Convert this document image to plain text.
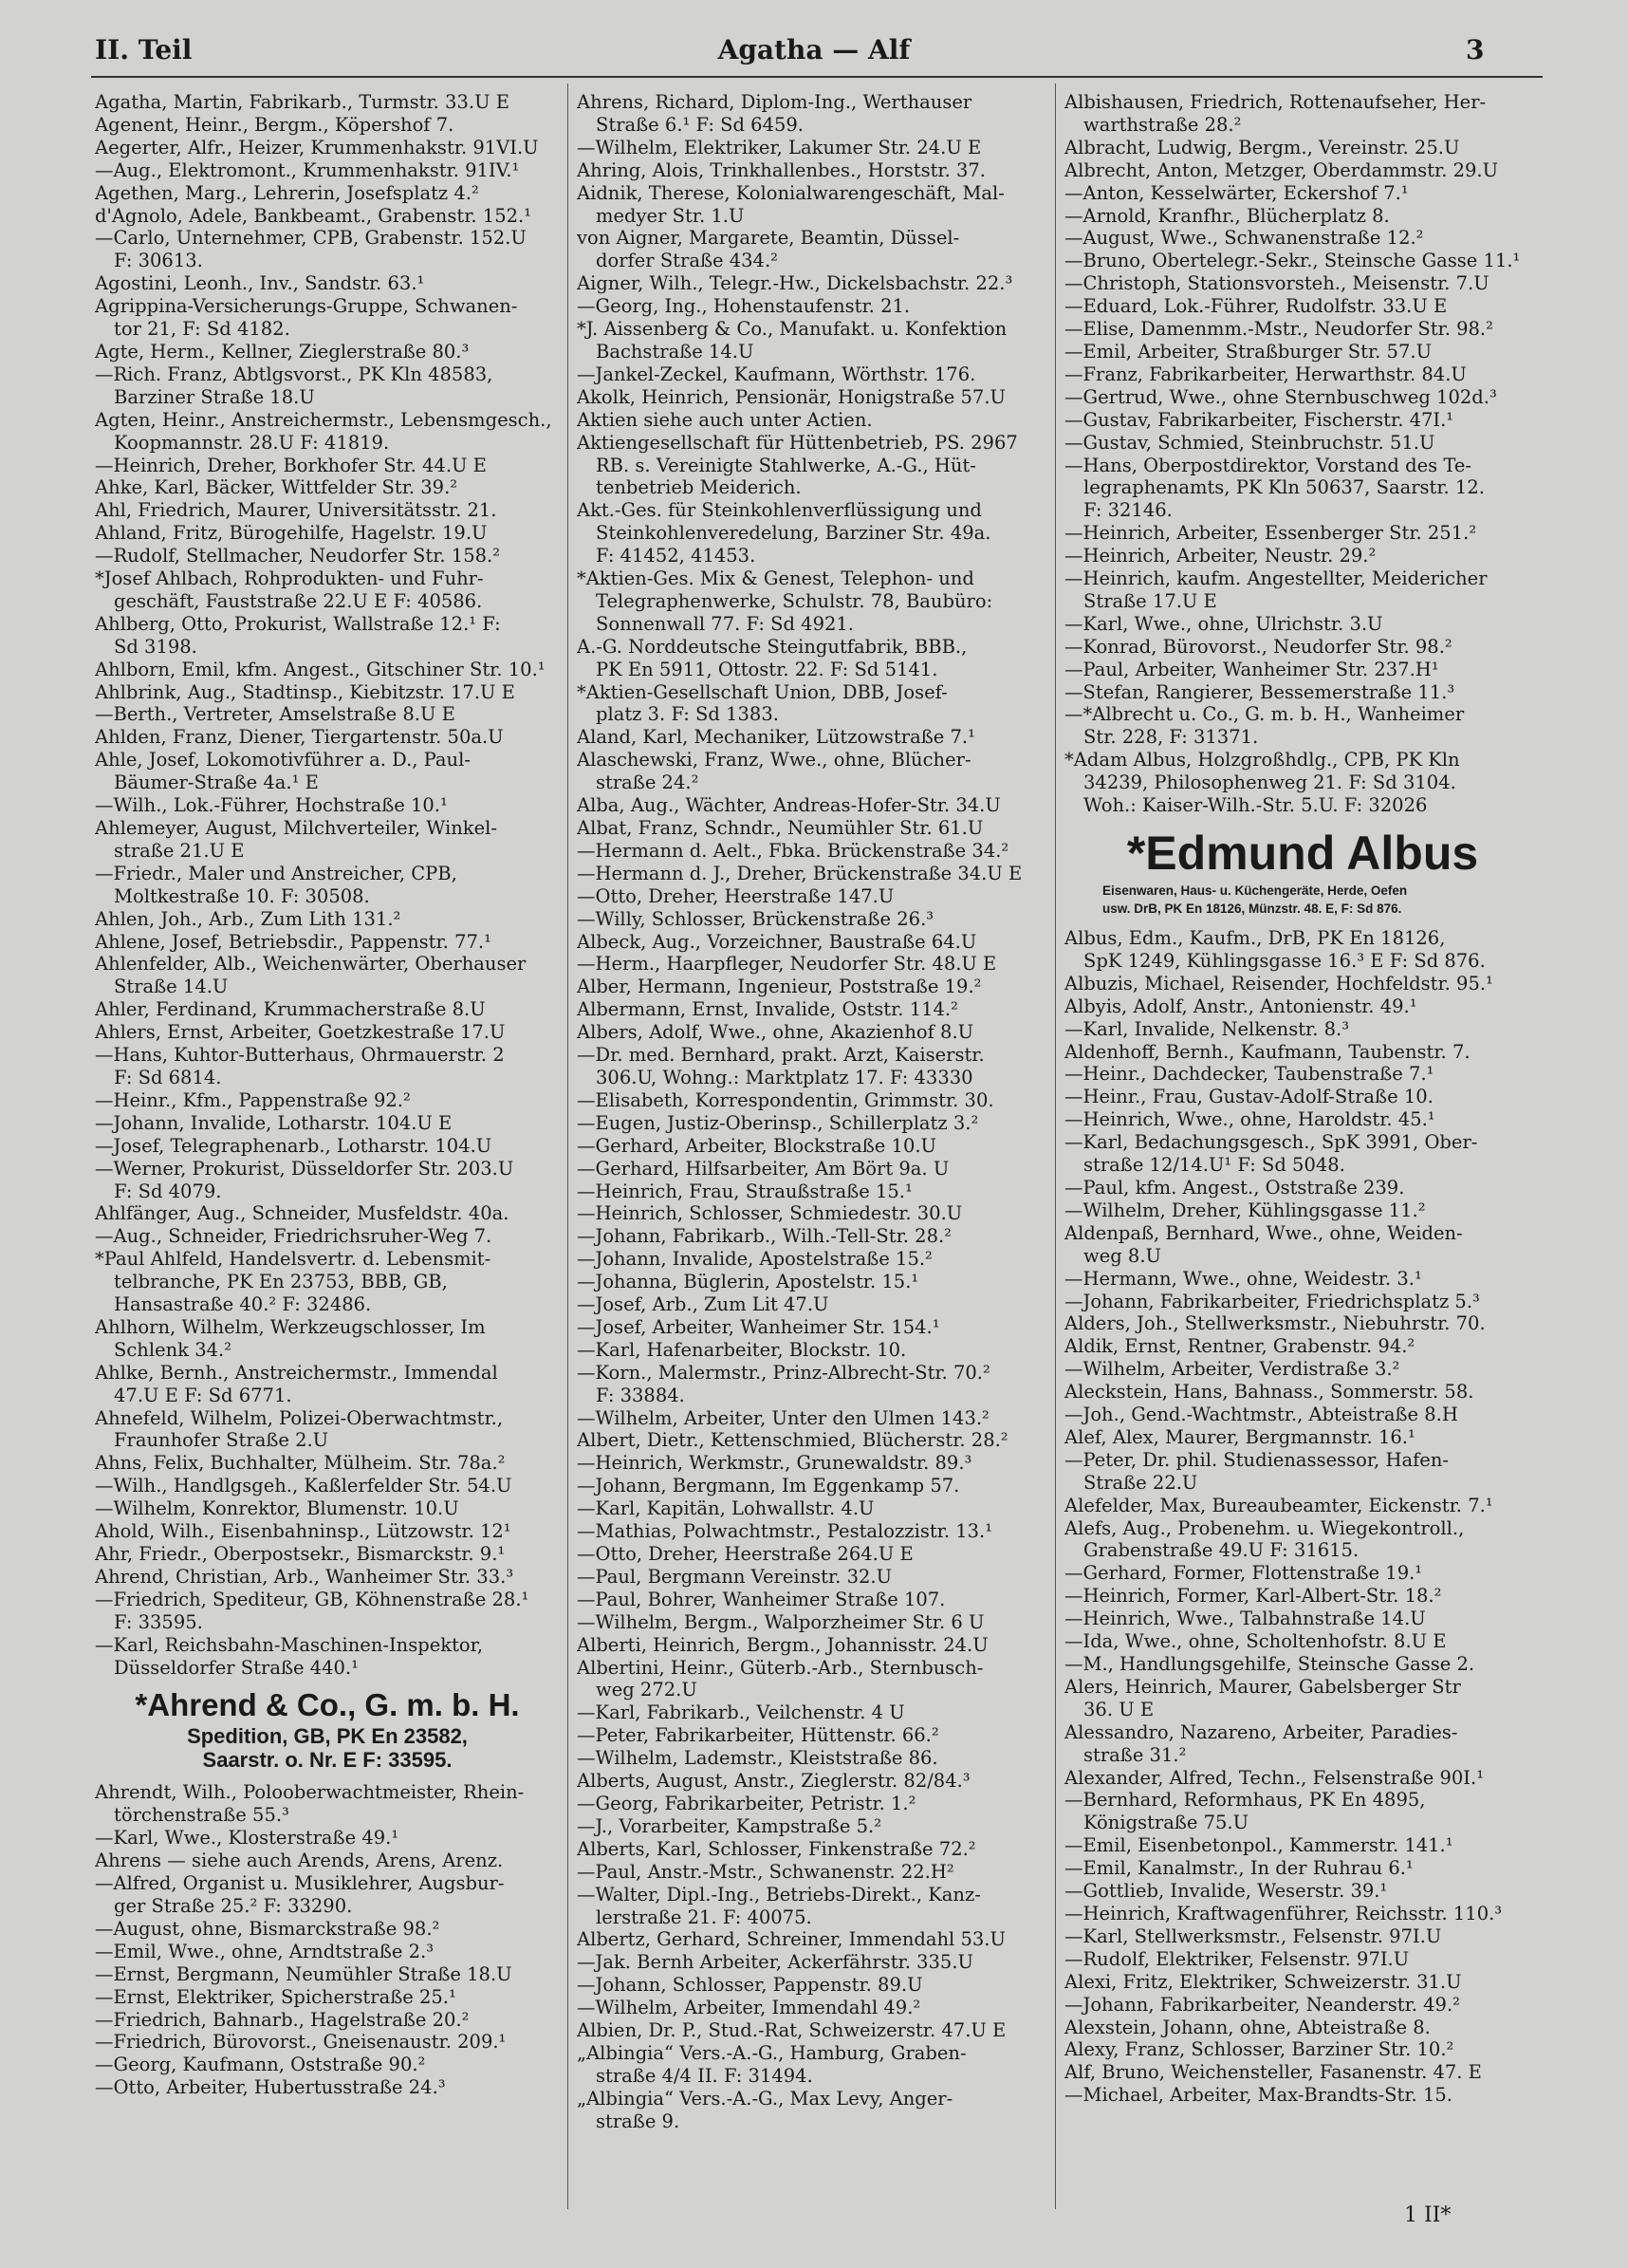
II. Teil	Agatha — Alf	3
Agatha, Martin, Fabrikarb., Turmstr. 33.U E
Agenent, Heinr., Bergm., Köpershof 7.
Aegerter, Alfr., Heizer, Krummenhakstr. 91VI.U
—Aug., Elektromont., Krummenhakstr. 91IV.¹
Agethen, Marg., Lehrerin, Josefsplatz 4.²
d'Agnolo, Adele, Bankbeamt., Grabenstr. 152.¹
—Carlo, Unternehmer, CPB, Grabenstr. 152.U
F: 30613.
Agostini, Leonh., Inv., Sandstr. 63.¹
Agrippina-Versicherungs-Gruppe, Schwanen-
tor 21, F: Sd 4182.
Agte, Herm., Kellner, Zieglerstraße 80.³
—Rich. Franz, Abtlgsvorst., PK Kln 48583,
Barziner Straße 18.U
Agten, Heinr., Anstreichermstr., Lebensmgesch.,
Koopmannstr. 28.U F: 41819.
—Heinrich, Dreher, Borkhofer Str. 44.U E
Ahke, Karl, Bäcker, Wittfelder Str. 39.²
Ahl, Friedrich, Maurer, Universitätsstr. 21.
Ahland, Fritz, Bürogehilfe, Hagelstr. 19.U
—Rudolf, Stellmacher, Neudorfer Str. 158.²
*Josef Ahlbach, Rohprodukten- und Fuhr-
geschäft, Fauststraße 22.U E F: 40586.
Ahlberg, Otto, Prokurist, Wallstraße 12.¹ F:
Sd 3198.
Ahlborn, Emil, kfm. Angest., Gitschiner Str. 10.¹
Ahlbrink, Aug., Stadtinsp., Kiebitzstr. 17.U E
—Berth., Vertreter, Amselstraße 8.U E
Ahlden, Franz, Diener, Tiergartenstr. 50a.U
Ahle, Josef, Lokomotivführer a. D., Paul-
Bäumer-Straße 4a.¹ E
—Wilh., Lok.-Führer, Hochstraße 10.¹
Ahlemeyer, August, Milchverteiler, Winkel-
straße 21.U E
—Friedr., Maler und Anstreicher, CPB,
Moltkestraße 10. F: 30508.
Ahlen, Joh., Arb., Zum Lith 131.²
Ahlene, Josef, Betriebsdir., Pappenstr. 77.¹
Ahlenfelder, Alb., Weichenwärter, Oberhauser
Straße 14.U
Ahler, Ferdinand, Krummacherstraße 8.U
Ahlers, Ernst, Arbeiter, Goetzkestraße 17.U
—Hans, Kuhtor-Butterhaus, Ohrmauerstr. 2
F: Sd 6814.
—Heinr., Kfm., Pappenstraße 92.²
—Johann, Invalide, Lotharstr. 104.U E
—Josef, Telegraphenarb., Lotharstr. 104.U
—Werner, Prokurist, Düsseldorfer Str. 203.U
F: Sd 4079.
Ahlfänger, Aug., Schneider, Musfeldstr. 40a.
—Aug., Schneider, Friedrichsruher-Weg 7.
*Paul Ahlfeld, Handelsvertr. d. Lebensmit-
telbranche, PK En 23753, BBB, GB,
Hansastraße 40.² F: 32486.
Ahlhorn, Wilhelm, Werkzeugschlosser, Im
Schlenk 34.²
Ahlke, Bernh., Anstreichermstr., Immendal
47.U E F: Sd 6771.
Ahnefeld, Wilhelm, Polizei-Oberwachtmstr.,
Fraunhofer Straße 2.U
Ahns, Felix, Buchhalter, Mülheim. Str. 78a.²
—Wilh., Handlgsgeh., Kaßlerfelder Str. 54.U
—Wilhelm, Konrektor, Blumenstr. 10.U
Ahold, Wilh., Eisenbahninsp., Lützowstr. 12¹
Ahr, Friedr., Oberpostsekr., Bismarckstr. 9.¹
Ahrend, Christian, Arb., Wanheimer Str. 33.³
—Friedrich, Spediteur, GB, Köhnenstraße 28.¹
F: 33595.
—Karl, Reichsbahn-Maschinen-Inspektor,
Düsseldorfer Straße 440.¹
*Ahrend & Co., G. m. b. H.
Spedition, GB, PK En 23582,
Saarstr. o. Nr. E F: 33595.
Ahrendt, Wilh., Polooberwachtmeister, Rhein-
törchenstraße 55.³
—Karl, Wwe., Klosterstraße 49.¹
Ahrens — siehe auch Arends, Arens, Arenz.
—Alfred, Organist u. Musiklehrer, Augsbur-
ger Straße 25.² F: 33290.
—August, ohne, Bismarckstraße 98.²
—Emil, Wwe., ohne, Arndtstraße 2.³
—Ernst, Bergmann, Neumühler Straße 18.U
—Ernst, Elektriker, Spicherstraße 25.¹
—Friedrich, Bahnarb., Hagelstraße 20.²
—Friedrich, Bürovorst., Gneisenaustr. 209.¹
—Georg, Kaufmann, Oststraße 90.²
—Otto, Arbeiter, Hubertusstraße 24.³
Ahrens, Richard, Diplom-Ing., Werthauser
Straße 6.¹ F: Sd 6459.
—Wilhelm, Elektriker, Lakumer Str. 24.U E
Ahring, Alois, Trinkhallenbes., Horststr. 37.
Aidnik, Therese, Kolonialwarengeschäft, Mal-
medyer Str. 1.U
von Aigner, Margarete, Beamtin, Düssel-
dorfer Straße 434.²
Aigner, Wilh., Telegr.-Hw., Dickelsbachstr. 22.³
—Georg, Ing., Hohenstaufenstr. 21.
*J. Aissenberg & Co., Manufakt. u. Konfektion
Bachstraße 14.U
—Jankel-Zeckel, Kaufmann, Wörthstr. 176.
Akolk, Heinrich, Pensionär, Honigstraße 57.U
Aktien siehe auch unter Actien.
Aktiengesellschaft für Hüttenbetrieb, PS. 2967
RB. s. Vereinigte Stahlwerke, A.-G., Hüt-
tenbetrieb Meiderich.
Akt.-Ges. für Steinkohlenverflüssigung und
Steinkohlenveredelung, Barziner Str. 49a.
F: 41452, 41453.
*Aktien-Ges. Mix & Genest, Telephon- und
Telegraphenwerke, Schulstr. 78, Baubüro:
Sonnenwall 77. F: Sd 4921.
A.-G. Norddeutsche Steingutfabrik, BBB.,
PK En 5911, Ottostr. 22. F: Sd 5141.
*Aktien-Gesellschaft Union, DBB, Josef-
platz 3. F: Sd 1383.
Aland, Karl, Mechaniker, Lützowstraße 7.¹
Alaschewski, Franz, Wwe., ohne, Blücher-
straße 24.²
Alba, Aug., Wächter, Andreas-Hofer-Str. 34.U
Albat, Franz, Schndr., Neumühler Str. 61.U
—Hermann d. Aelt., Fbka. Brückenstraße 34.²
—Hermann d. J., Dreher, Brückenstraße 34.U E
—Otto, Dreher, Heerstraße 147.U
—Willy, Schlosser, Brückenstraße 26.³
Albeck, Aug., Vorzeichner, Baustraße 64.U
—Herm., Haarpfleger, Neudorfer Str. 48.U E
Alber, Hermann, Ingenieur, Poststraße 19.²
Albermann, Ernst, Invalide, Oststr. 114.²
Albers, Adolf, Wwe., ohne, Akazienhof 8.U
—Dr. med. Bernhard, prakt. Arzt, Kaiserstr.
306.U, Wohng.: Marktplatz 17. F: 43330
—Elisabeth, Korrespondentin, Grimmstr. 30.
—Eugen, Justiz-Oberinsp., Schillerplatz 3.²
—Gerhard, Arbeiter, Blockstraße 10.U
—Gerhard, Hilfsarbeiter, Am Bört 9a. U
—Heinrich, Frau, Straußstraße 15.¹
—Heinrich, Schlosser, Schmiedestr. 30.U
—Johann, Fabrikarb., Wilh.-Tell-Str. 28.²
—Johann, Invalide, Apostelstraße 15.²
—Johanna, Büglerin, Apostelstr. 15.¹
—Josef, Arb., Zum Lit 47.U
—Josef, Arbeiter, Wanheimer Str. 154.¹
—Karl, Hafenarbeiter, Blockstr. 10.
—Korn., Malermstr., Prinz-Albrecht-Str. 70.²
F: 33884.
—Wilhelm, Arbeiter, Unter den Ulmen 143.²
Albert, Dietr., Kettenschmied, Blücherstr. 28.²
—Heinrich, Werkmstr., Grunewaldstr. 89.³
—Johann, Bergmann, Im Eggenkamp 57.
—Karl, Kapitän, Lohwallstr. 4.U
—Mathias, Polwachtmstr., Pestalozzistr. 13.¹
—Otto, Dreher, Heerstraße 264.U E
—Paul, Bergmann Vereinstr. 32.U
—Paul, Bohrer, Wanheimer Straße 107.
—Wilhelm, Bergm., Walporzheimer Str. 6 U
Alberti, Heinrich, Bergm., Johannisstr. 24.U
Albertini, Heinr., Güterb.-Arb., Sternbusch-
weg 272.U
—Karl, Fabrikarb., Veilchenstr. 4 U
—Peter, Fabrikarbeiter, Hüttenstr. 66.²
—Wilhelm, Lademstr., Kleiststraße 86.
Alberts, August, Anstr., Zieglerstr. 82/84.³
—Georg, Fabrikarbeiter, Petristr. 1.²
—J., Vorarbeiter, Kampstraße 5.²
Alberts, Karl, Schlosser, Finkenstraße 72.²
—Paul, Anstr.-Mstr., Schwanenstr. 22.H²
—Walter, Dipl.-Ing., Betriebs-Direkt., Kanz-
lerstraße 21. F: 40075.
Albertz, Gerhard, Schreiner, Immendahl 53.U
—Jak. Bernh Arbeiter, Ackerfährstr. 335.U
—Johann, Schlosser, Pappenstr. 89.U
—Wilhelm, Arbeiter, Immendahl 49.²
Albien, Dr. P., Stud.-Rat, Schweizerstr. 47.U E
„Albingia“ Vers.-A.-G., Hamburg, Graben-
straße 4/4 II. F: 31494.
„Albingia“ Vers.-A.-G., Max Levy, Anger-
straße 9.
Albishausen, Friedrich, Rottenaufseher, Her-
warthstraße 28.²
Albracht, Ludwig, Bergm., Vereinstr. 25.U
Albrecht, Anton, Metzger, Oberdammstr. 29.U
—Anton, Kesselwärter, Eckershof 7.¹
—Arnold, Kranfhr., Blücherplatz 8.
—August, Wwe., Schwanenstraße 12.²
—Bruno, Obertelegr.-Sekr., Steinsche Gasse 11.¹
—Christoph, Stationsvorsteh., Meisenstr. 7.U
—Eduard, Lok.-Führer, Rudolfstr. 33.U E
—Elise, Damenmm.-Mstr., Neudorfer Str. 98.²
—Emil, Arbeiter, Straßburger Str. 57.U
—Franz, Fabrikarbeiter, Herwarthstr. 84.U
—Gertrud, Wwe., ohne Sternbuschweg 102d.³
—Gustav, Fabrikarbeiter, Fischerstr. 47I.¹
—Gustav, Schmied, Steinbruchstr. 51.U
—Hans, Oberpostdirektor, Vorstand des Te-
legraphenamts, PK Kln 50637, Saarstr. 12.
F: 32146.
—Heinrich, Arbeiter, Essenberger Str. 251.²
—Heinrich, Arbeiter, Neustr. 29.²
—Heinrich, kaufm. Angestellter, Meidericher
Straße 17.U E
—Karl, Wwe., ohne, Ulrichstr. 3.U
—Konrad, Bürovorst., Neudorfer Str. 98.²
—Paul, Arbeiter, Wanheimer Str. 237.H¹
—Stefan, Rangierer, Bessemerstraße 11.³
—*Albrecht u. Co., G. m. b. H., Wanheimer
Str. 228, F: 31371.
*Adam Albus, Holzgroßhdlg., CPB, PK Kln
34239, Philosophenweg 21. F: Sd 3104.
Woh.: Kaiser-Wilh.-Str. 5.U. F: 32026
*Edmund Albus
Eisenwaren, Haus- u. Küchengeräte, Herde, Oefen
usw. DrB, PK En 18126, Münzstr. 48. E, F: Sd 876.
Albus, Edm., Kaufm., DrB, PK En 18126,
SpK 1249, Kühlingsgasse 16.³ E F: Sd 876.
Albuzis, Michael, Reisender, Hochfeldstr. 95.¹
Albyis, Adolf, Anstr., Antonienstr. 49.¹
—Karl, Invalide, Nelkenstr. 8.³
Aldenhoff, Bernh., Kaufmann, Taubenstr. 7.
—Heinr., Dachdecker, Taubenstraße 7.¹
—Heinr., Frau, Gustav-Adolf-Straße 10.
—Heinrich, Wwe., ohne, Haroldstr. 45.¹
—Karl, Bedachungsgesch., SpK 3991, Ober-
straße 12/14.U¹ F: Sd 5048.
—Paul, kfm. Angest., Oststraße 239.
—Wilhelm, Dreher, Kühlingsgasse 11.²
Aldenpaß, Bernhard, Wwe., ohne, Weiden-
weg 8.U
—Hermann, Wwe., ohne, Weidestr. 3.¹
—Johann, Fabrikarbeiter, Friedrichsplatz 5.³
Alders, Joh., Stellwerksmstr., Niebuhrstr. 70.
Aldik, Ernst, Rentner, Grabenstr. 94.²
—Wilhelm, Arbeiter, Verdistraße 3.²
Aleckstein, Hans, Bahnass., Sommerstr. 58.
—Joh., Gend.-Wachtmstr., Abteistraße 8.H
Alef, Alex, Maurer, Bergmannstr. 16.¹
—Peter, Dr. phil. Studienassessor, Hafen-
Straße 22.U
Alefelder, Max, Bureaubeamter, Eickenstr. 7.¹
Alefs, Aug., Probenehm. u. Wiegekontroll.,
Grabenstraße 49.U F: 31615.
—Gerhard, Former, Flottenstraße 19.¹
—Heinrich, Former, Karl-Albert-Str. 18.²
—Heinrich, Wwe., Talbahnstraße 14.U
—Ida, Wwe., ohne, Scholtenhofstr. 8.U E
—M., Handlungsgehilfe, Steinsche Gasse 2.
Alers, Heinrich, Maurer, Gabelsberger Str
36. U E
Alessandro, Nazareno, Arbeiter, Paradies-
straße 31.²
Alexander, Alfred, Techn., Felsenstraße 90I.¹
—Bernhard, Reformhaus, PK En 4895,
Königstraße 75.U
—Emil, Eisenbetonpol., Kammerstr. 141.¹
—Emil, Kanalmstr., In der Ruhrau 6.¹
—Gottlieb, Invalide, Weserstr. 39.¹
—Heinrich, Kraftwagenführer, Reichsstr. 110.³
—Karl, Stellwerksmstr., Felsenstr. 97I.U
—Rudolf, Elektriker, Felsenstr. 97I.U
Alexi, Fritz, Elektriker, Schweizerstr. 31.U
—Johann, Fabrikarbeiter, Neanderstr. 49.²
Alexstein, Johann, ohne, Abteistraße 8.
Alexy, Franz, Schlosser, Barziner Str. 10.²
Alf, Bruno, Weichensteller, Fasanenstr. 47. E
—Michael, Arbeiter, Max-Brandts-Str. 15.
1 II*
